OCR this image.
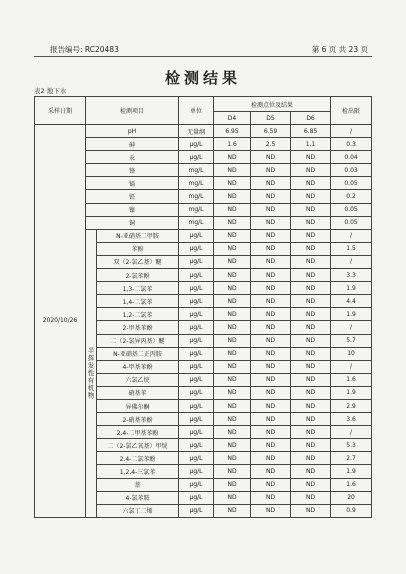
报告编号: RC20483	第 6 页 共 23 页
检测结果
表2 地下水
采样日期	检测项目		单位	检测点位及结果			检出限
				D4	D5	D6	
2020/10/26	pH		无量纲	6.95	6.59	6.85	/
	砷		μg/L	1.6	2.5	1.1	0.3
	汞		μg/L	ND	ND	ND	0.04
	铬		mg/L	ND	ND	ND	0.03
	镉		mg/L	ND	ND	ND	0.05
	铅		mg/L	ND	ND	ND	0.2
	镍		mg/L	ND	ND	ND	0.05
	铜		mg/L	ND	ND	ND	0.05
	半挥发性有机物	N-亚硝基二甲胺	μg/L	ND	ND	ND	/
		苯酚	μg/L	ND	ND	ND	1.5
		双（2-氯乙基）醚	μg/L	ND	ND	ND	/
		2-氯苯酚	μg/L	ND	ND	ND	3.3
		1,3-二氯苯	μg/L	ND	ND	ND	1.9
		1,4-二氯苯	μg/L	ND	ND	ND	4.4
		1,2-二氯苯	μg/L	ND	ND	ND	1.9
		2-甲基苯酚	μg/L	ND	ND	ND	/
		二（2-氯异丙基）醚	μg/L	ND	ND	ND	5.7
		N-亚硝基二正丙胺	μg/L	ND	ND	ND	10
		4-甲基苯酚	μg/L	ND	ND	ND	/
		六氯乙烷	μg/L	ND	ND	ND	1.6
		硝基苯	μg/L	ND	ND	ND	1.9
		异佛尔酮	μg/L	ND	ND	ND	2.9
		2-硝基苯酚	μg/L	ND	ND	ND	3.6
		2,4-二甲基苯酚	μg/L	ND	ND	ND	/
		二（2-氯乙氧基）甲烷	μg/L	ND	ND	ND	5.3
		2,4-二氯苯酚	μg/L	ND	ND	ND	2.7
		1,2,4-三氯苯	μg/L	ND	ND	ND	1.9
		萘	μg/L	ND	ND	ND	1.6
		4-氯苯胺	μg/L	ND	ND	ND	20
		六氯丁二烯	μg/L	ND	ND	ND	0.9
